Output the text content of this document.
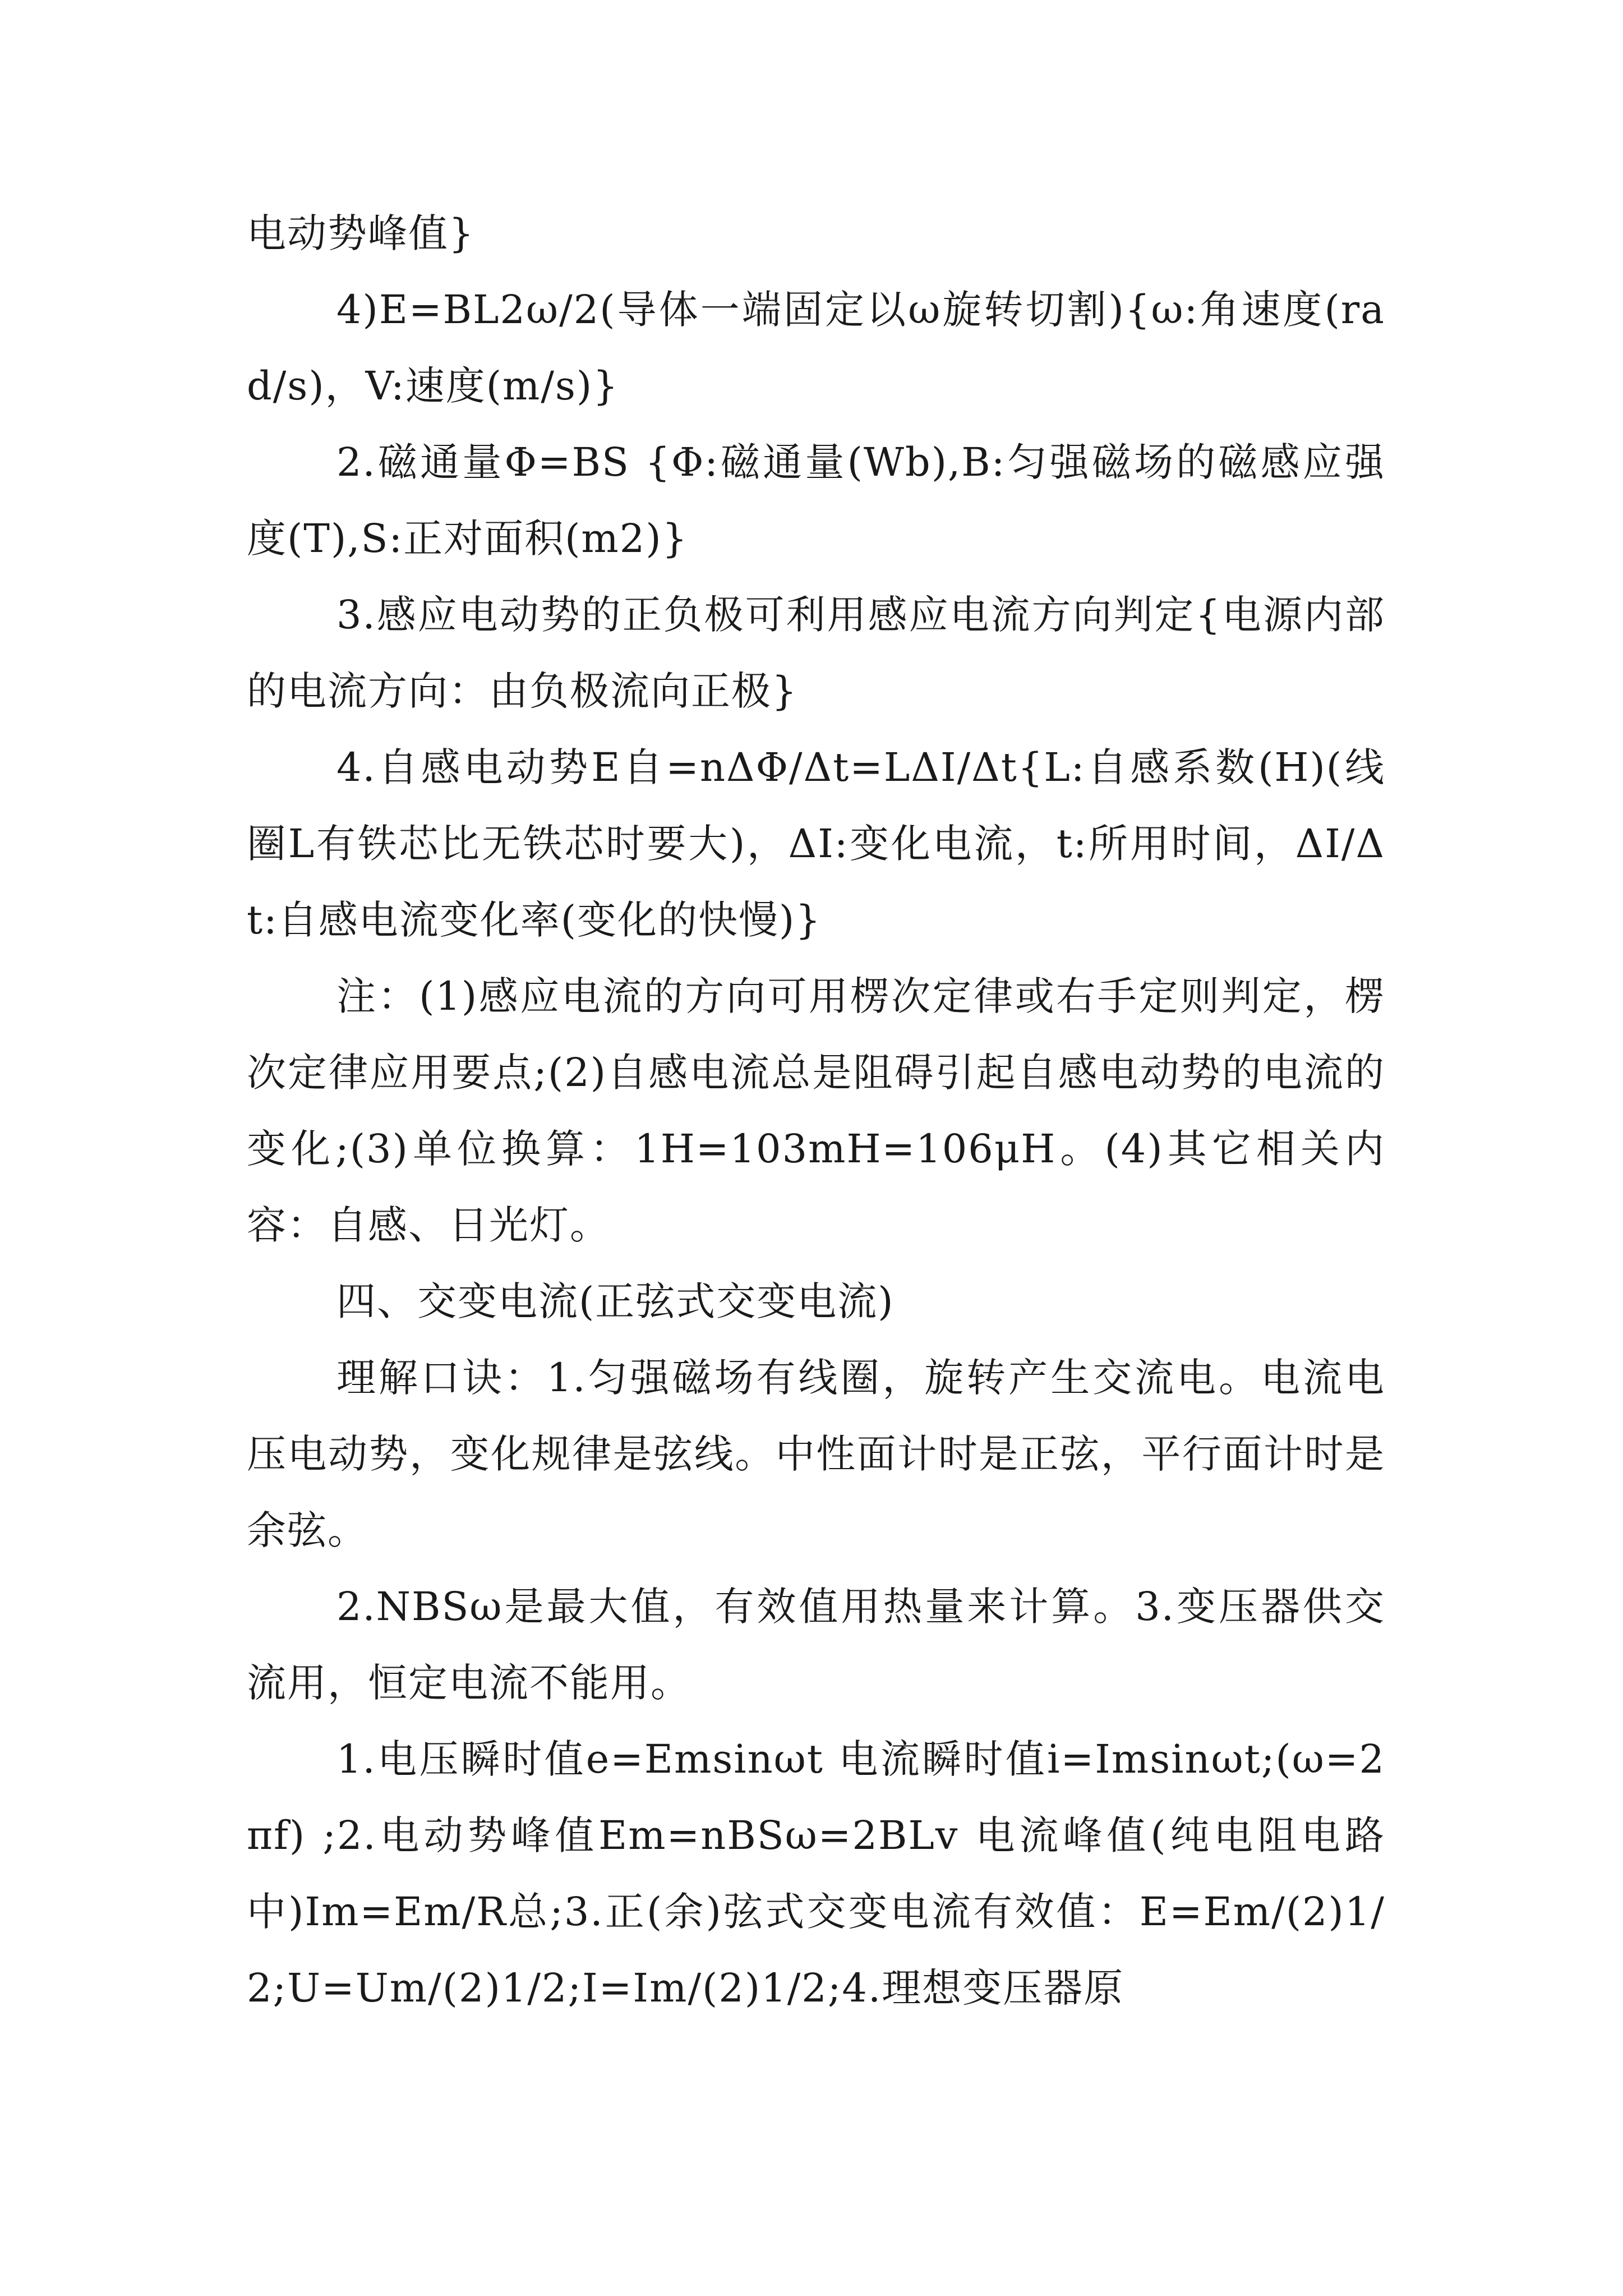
电动势峰值}

4)E=BL2ω/2(导体一端固定以ω旋转切割){ω:角速度(rad/s)，V:速度(m/s)}

2.磁通量Φ=BS {Φ:磁通量(Wb),B:匀强磁场的磁感应强度(T),S:正对面积(m2)}

3.感应电动势的正负极可利用感应电流方向判定{电源内部的电流方向：由负极流向正极}

4.自感电动势E自=nΔΦ/Δt=LΔI/Δt{L:自感系数(H)(线圈L有铁芯比无铁芯时要大)，ΔI:变化电流，t:所用时间，ΔI/Δt:自感电流变化率(变化的快慢)}

注：(1)感应电流的方向可用楞次定律或右手定则判定，楞次定律应用要点;(2)自感电流总是阻碍引起自感电动势的电流的变化;(3)单位换算：1H=103mH=106μH。(4)其它相关内容：自感、日光灯。

四、交变电流(正弦式交变电流)

理解口诀：1.匀强磁场有线圈，旋转产生交流电。电流电压电动势，变化规律是弦线。中性面计时是正弦，平行面计时是余弦。

2.NBSω是最大值，有效值用热量来计算。3.变压器供交流用，恒定电流不能用。

1.电压瞬时值e=Emsinωt 电流瞬时值i=Imsinωt;(ω=2πf) ;2.电动势峰值Em=nBSω=2BLv 电流峰值(纯电阻电路中)Im=Em/R总;3.正(余)弦式交变电流有效值：E=Em/(2)1/2;U=Um/(2)1/2;I=Im/(2)1/2;4.理想变压器原
